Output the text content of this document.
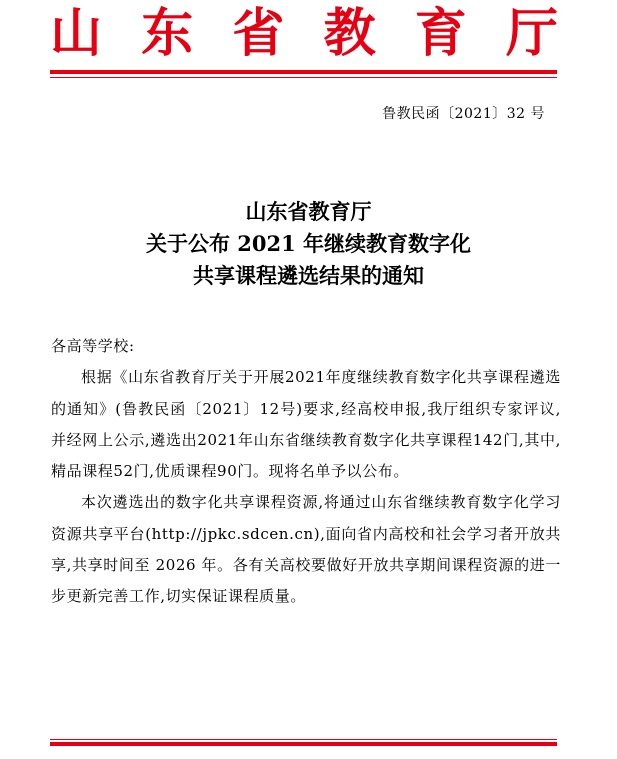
山 东 省 教 育 厅
鲁教民函〔2021〕32 号
山东省教育厅
关于公布 2021 年继续教育数字化
共享课程遴选结果的通知

各高等学校:

根据《山东省教育厅关于开展2021年度继续教育数字化共享课程遴选的通知》(鲁教民函〔2021〕12号)要求,经高校申报,我厅组织专家评议,并经网上公示,遴选出2021年山东省继续教育数字化共享课程142门,其中,精品课程52门,优质课程90门。现将名单予以公布。

本次遴选出的数字化共享课程资源,将通过山东省继续教育数字化学习资源共享平台(http://jpkc.sdcen.cn),面向省内高校和社会学习者开放共享,共享时间至 2026 年。各有关高校要做好开放共享期间课程资源的进一步更新完善工作,切实保证课程质量。
